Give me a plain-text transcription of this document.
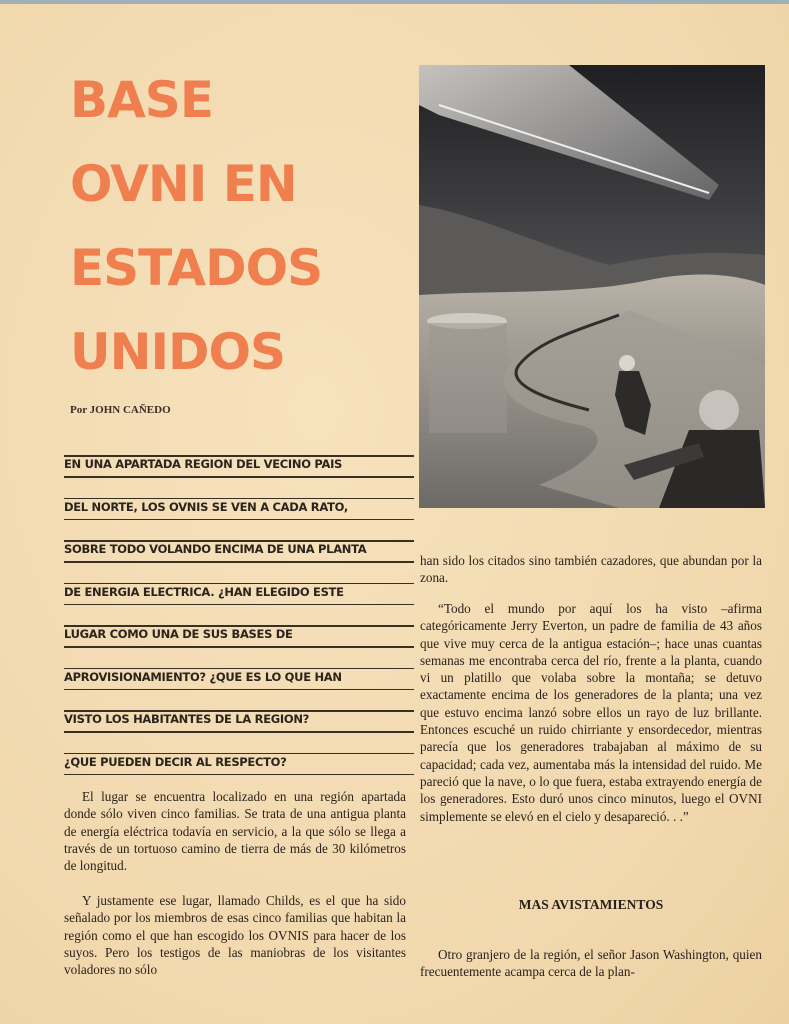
BASE
OVNI EN
ESTADOS
UNIDOS

Por JOHN CAÑEDO

EN UNA APARTADA REGION DEL VECINO PAIS
DEL NORTE, LOS OVNIS SE VEN A CADA RATO,
SOBRE TODO VOLANDO ENCIMA DE UNA PLANTA
DE ENERGIA ELECTRICA. ¿HAN ELEGIDO ESTE
LUGAR COMO UNA DE SUS BASES DE
APROVISIONAMIENTO? ¿QUE ES LO QUE HAN
VISTO LOS HABITANTES DE LA REGION?
¿QUE PUEDEN DECIR AL RESPECTO?

El lugar se encuentra localizado en una región apartada donde sólo viven cinco familias. Se trata de una antigua planta de energía eléctrica todavía en servicio, a la que sólo se llega a través de un tortuoso camino de tierra de más de 30 kilómetros de longitud.

Y justamente ese lugar, llamado Childs, es el que ha sido señalado por los miembros de esas cinco familias que habitan la región como el que han escogido los OVNIS para hacer de los suyos. Pero los testigos de las maniobras de los visitantes voladores no sólo

han sido los citados sino también cazadores, que abundan por la zona.

“Todo el mundo por aquí los ha visto –afirma categóricamente Jerry Everton, un padre de familia de 43 años que vive muy cerca de la antigua estación–; hace unas cuantas semanas me encontraba cerca del río, frente a la planta, cuando vi un platillo que volaba sobre la montaña; se detuvo exactamente encima de los generadores de la planta; una vez que estuvo encima lanzó sobre ellos un rayo de luz brillante. Entonces escuché un ruido chirriante y ensordecedor, mientras parecía que los generadores trabajaban al máximo de su capacidad; cada vez, aumentaba más la intensidad del ruido. Me pareció que la nave, o lo que fuera, estaba extrayendo energía de los generadores. Esto duró unos cinco minutos, luego el OVNI simplemente se elevó en el cielo y desapareció. . .”

MAS AVISTAMIENTOS

Otro granjero de la región, el señor Jason Washington, quien frecuentemente acampa cerca de la plan-
